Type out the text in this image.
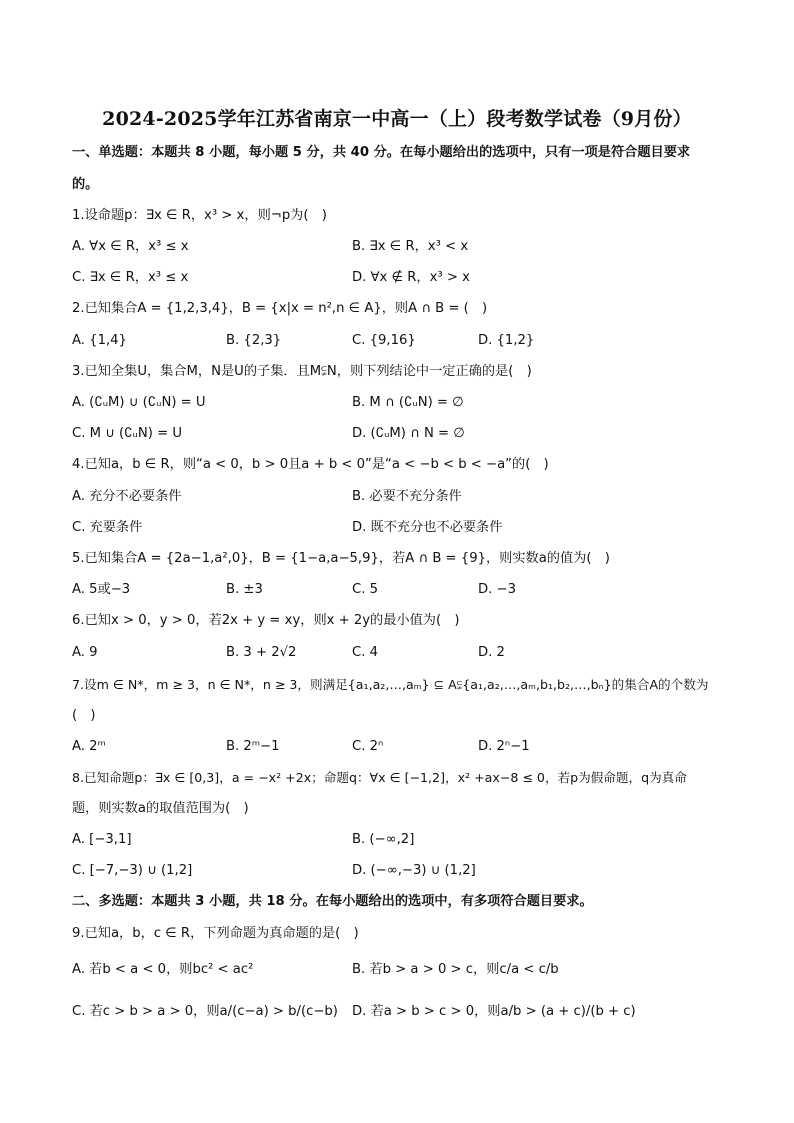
2024-2025学年江苏省南京一中高一（上）段考数学试卷（9月份）
一、单选题：本题共 8 小题，每小题 5 分，共 40 分。在每小题给出的选项中，只有一项是符合题目要求
的。
1.设命题p：∃x ∈ R，x³ > x，则¬p为(　)
A. ∀x ∈ R，x³ ≤ x	B. ∃x ∈ R，x³ < x
C. ∃x ∈ R，x³ ≤ x	D. ∀x ∉ R，x³ > x
2.已知集合A = {1,2,3,4}，B = {x|x = n²,n ∈ A}，则A ∩ B = (　)
A. {1,4}	B. {2,3}	C. {9,16}	D. {1,2}
3.已知全集U，集合M，N是U的子集．且M⫋N，则下列结论中一定正确的是(　)
A. (∁ᵤM) ∪ (∁ᵤN) = U	B. M ∩ (∁ᵤN) = ∅
C. M ∪ (∁ᵤN) = U	D. (∁ᵤM) ∩ N = ∅
4.已知a，b ∈ R，则“a < 0，b > 0且a + b < 0”是“a < −b < b < −a”的(　)
A. 充分不必要条件	B. 必要不充分条件
C. 充要条件	D. 既不充分也不必要条件
5.已知集合A = {2a−1,a²,0}，B = {1−a,a−5,9}，若A ∩ B = {9}，则实数a的值为(　)
A. 5或−3	B. ±3	C. 5	D. −3
6.已知x > 0，y > 0，若2x + y = xy，则x + 2y的最小值为(　)
A. 9	B. 3 + 2√2	C. 4	D. 2
7.设m ∈ N*，m ≥ 3，n ∈ N*，n ≥ 3，则满足{a₁,a₂,…,aₘ} ⊆ A⫋{a₁,a₂,…,aₘ,b₁,b₂,…,bₙ}的集合A的个数为
(　)
A. 2ᵐ	B. 2ᵐ−1	C. 2ⁿ	D. 2ⁿ−1
8.已知命题p：∃x ∈ [0,3]，a = −x² +2x；命题q：∀x ∈ [−1,2]，x² +ax−8 ≤ 0，若p为假命题，q为真命
题，则实数a的取值范围为(　)
A. [−3,1]	B. (−∞,2]
C. [−7,−3) ∪ (1,2]	D. (−∞,−3) ∪ (1,2]
二、多选题：本题共 3 小题，共 18 分。在每小题给出的选项中，有多项符合题目要求。
9.已知a，b，c ∈ R，下列命题为真命题的是(　)
A. 若b < a < 0，则bc² < ac²	B. 若b > a > 0 > c，则c/a < c/b
C. 若c > b > a > 0，则a/(c−a) > b/(c−b) D. 若a > b > c > 0，则a/b > (a + c)/(b + c)
